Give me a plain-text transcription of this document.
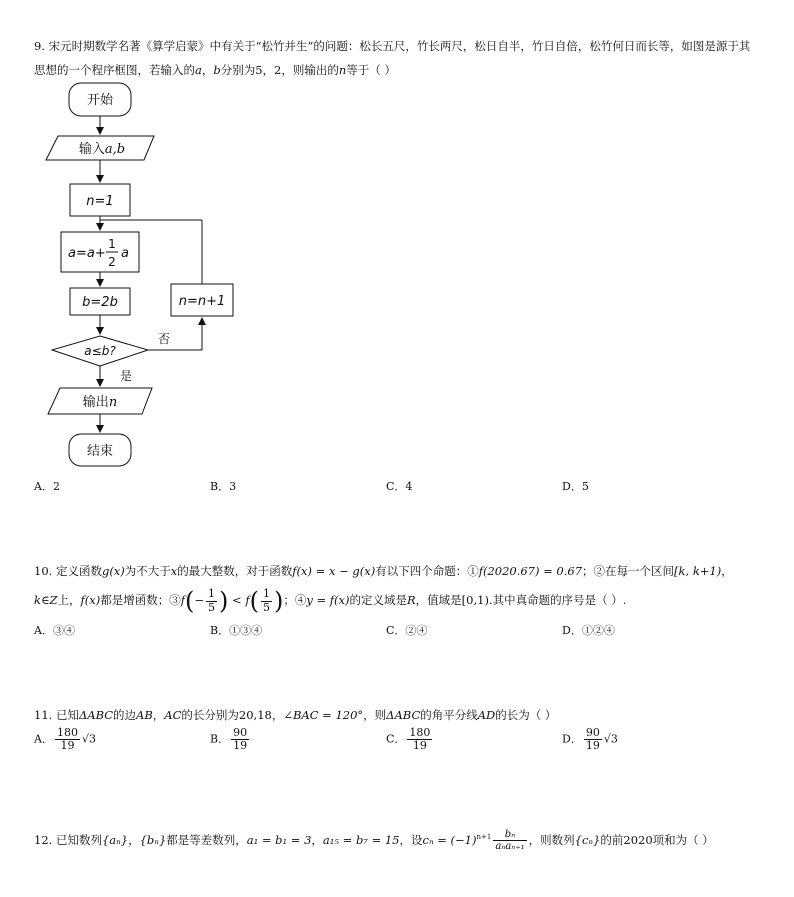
9. 宋元时期数学名著《算学启蒙》中有关于“松竹并生”的问题：松长五尺，竹长两尺，松日自半，竹日自倍，松竹何日而长等，如图是源于其
思想的一个程序框图，若输入的a，b分别为5，2，则输出的n等于（ ）
开始
输入a,b
n=1
a=a+
1
2
a
b=2b
a≤b?
否
是
n=n+1
输出n
结束
A．2	B．3	C．4	D．5
10. 定义函数g(x)为不大于x的最大整数，对于函数f(x) = x − g(x)有以下四个命题：①f(2020.67) = 0.67；②在每一个区间[k, k+1)，
k∈Z上，f(x)都是增函数；③f(− $\frac{1}{5}$ ) < $f( \frac{1}{5}$ )；④y = f(x)的定义域是R，值域是[0,1).其中真命题的序号是（ ）.
A．③④	B．①③④	C．②④	D．①②④
11. 已知ΔABC的边AB，AC的长分别为20,18，∠BAC = 120°，则ΔABC的角平分线AD的长为（ ）
A． $\frac{180}{19} √3$	B． $\frac{90}{19}$	C． $\frac{180}{19}$	D． $\frac{90}{19} √3$
12. 已知数列{aₙ}，{bₙ}都是等差数列，a₁ = b₁ = 3，a₁₅ = b₇ = 15，设$c_n = (-1)^{n+1} \frac{\text{bₙ}}{\text{aₙaₙ₊₁}}$ ，则数列{cₙ}的前2020项和为（ ）
